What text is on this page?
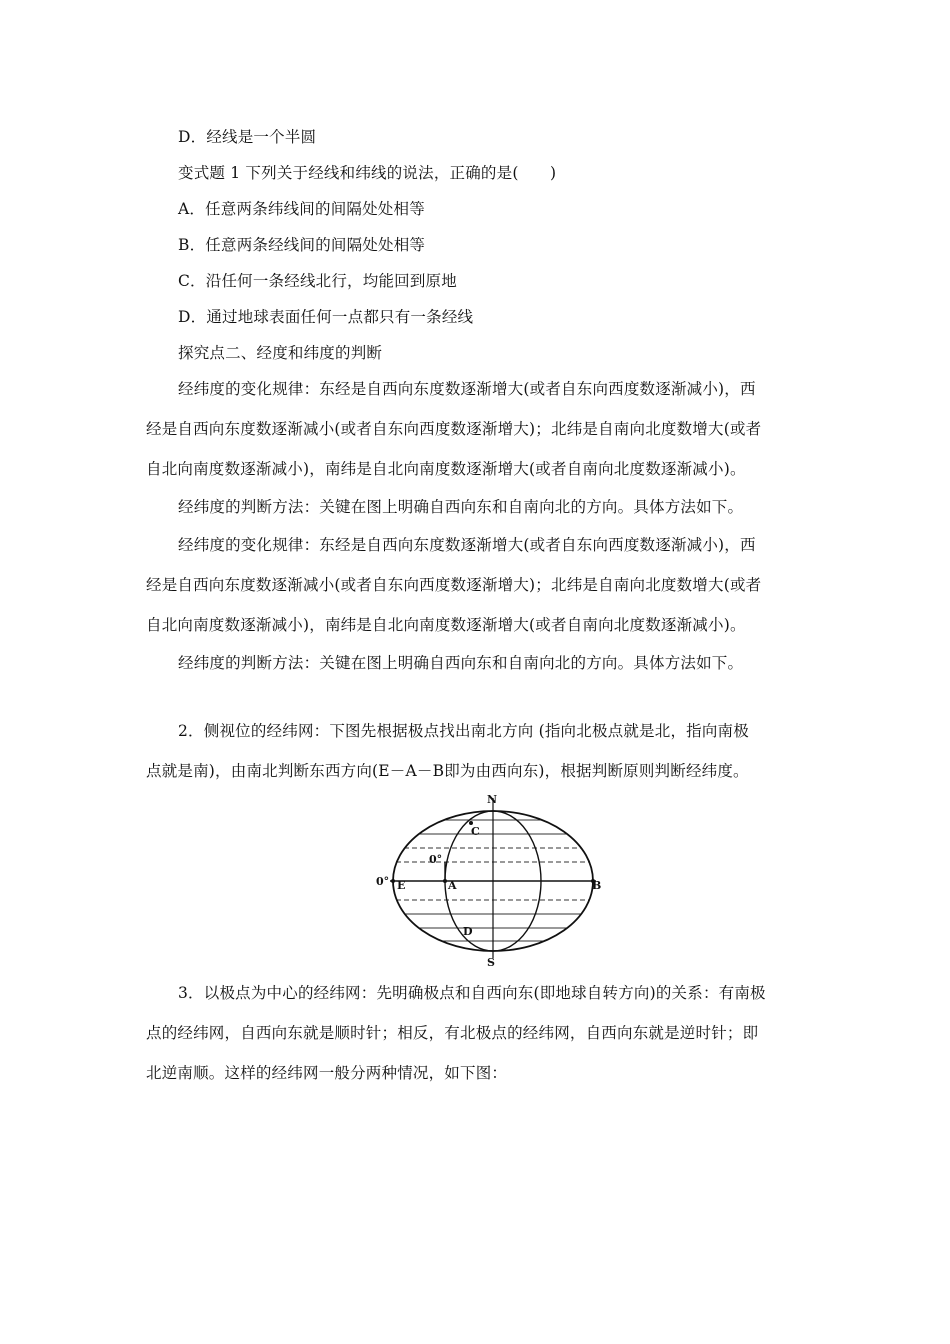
D．经线是一个半圆
变式题 1 下列关于经线和纬线的说法，正确的是(　　)
A．任意两条纬线间的间隔处处相等
B．任意两条经线间的间隔处处相等
C．沿任何一条经线北行，均能回到原地
D．通过地球表面任何一点都只有一条经线
探究点二、经度和纬度的判断
经纬度的变化规律：东经是自西向东度数逐渐增大(或者自东向西度数逐渐减小)，西
经是自西向东度数逐渐减小(或者自东向西度数逐渐增大)；北纬是自南向北度数增大(或者
自北向南度数逐渐减小)，南纬是自北向南度数逐渐增大(或者自南向北度数逐渐减小)。
经纬度的判断方法：关键在图上明确自西向东和自南向北的方向。具体方法如下。
经纬度的变化规律：东经是自西向东度数逐渐增大(或者自东向西度数逐渐减小)，西
经是自西向东度数逐渐减小(或者自东向西度数逐渐增大)；北纬是自南向北度数增大(或者
自北向南度数逐渐减小)，南纬是自北向南度数逐渐增大(或者自南向北度数逐渐减小)。
经纬度的判断方法：关键在图上明确自西向东和自南向北的方向。具体方法如下。
2．侧视位的经纬网：下图先根据极点找出南北方向 (指向北极点就是北，指向南极
点就是南)，由南北判断东西方向(E－A－B即为由西向东)，根据判断原则判断经纬度。
N
C
0°
0° E	A	B
D
S
3．以极点为中心的经纬网：先明确极点和自西向东(即地球自转方向)的关系：有南极
点的经纬网，自西向东就是顺时针；相反，有北极点的经纬网，自西向东就是逆时针；即
北逆南顺。这样的经纬网一般分两种情况，如下图：
